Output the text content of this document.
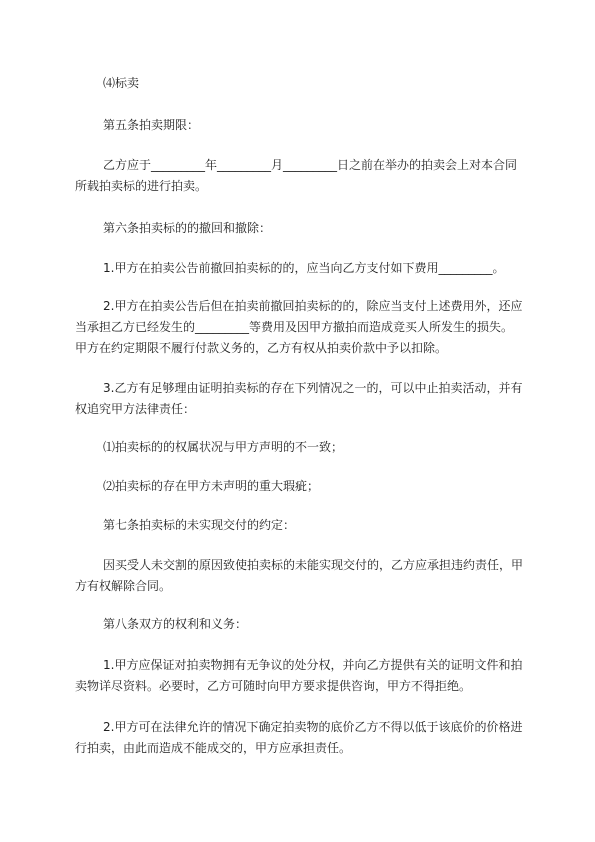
⑷标卖
第五条拍卖期限：
乙方应于_________年_________月_________日之前在举办的拍卖会上对本合同
所载拍卖标的进行拍卖。
第六条拍卖标的的撤回和撤除：
1.甲方在拍卖公告前撤回拍卖标的的，应当向乙方支付如下费用_________。
2.甲方在拍卖公告后但在拍卖前撤回拍卖标的的，除应当支付上述费用外，还应
当承担乙方已经发生的_________等费用及因甲方撤拍而造成竞买人所发生的损失。
甲方在约定期限不履行付款义务的，乙方有权从拍卖价款中予以扣除。
3.乙方有足够理由证明拍卖标的存在下列情况之一的，可以中止拍卖活动，并有
权追究甲方法律责任：
⑴拍卖标的的权属状况与甲方声明的不一致；
⑵拍卖标的存在甲方未声明的重大瑕疵；
第七条拍卖标的未实现交付的约定：
因买受人未交割的原因致使拍卖标的未能实现交付的，乙方应承担违约责任，甲
方有权解除合同。
第八条双方的权利和义务：
1.甲方应保证对拍卖物拥有无争议的处分权，并向乙方提供有关的证明文件和拍
卖物详尽资料。必要时，乙方可随时向甲方要求提供咨询，甲方不得拒绝。
2.甲方可在法律允许的情况下确定拍卖物的底价乙方不得以低于该底价的价格进
行拍卖，由此而造成不能成交的，甲方应承担责任。
